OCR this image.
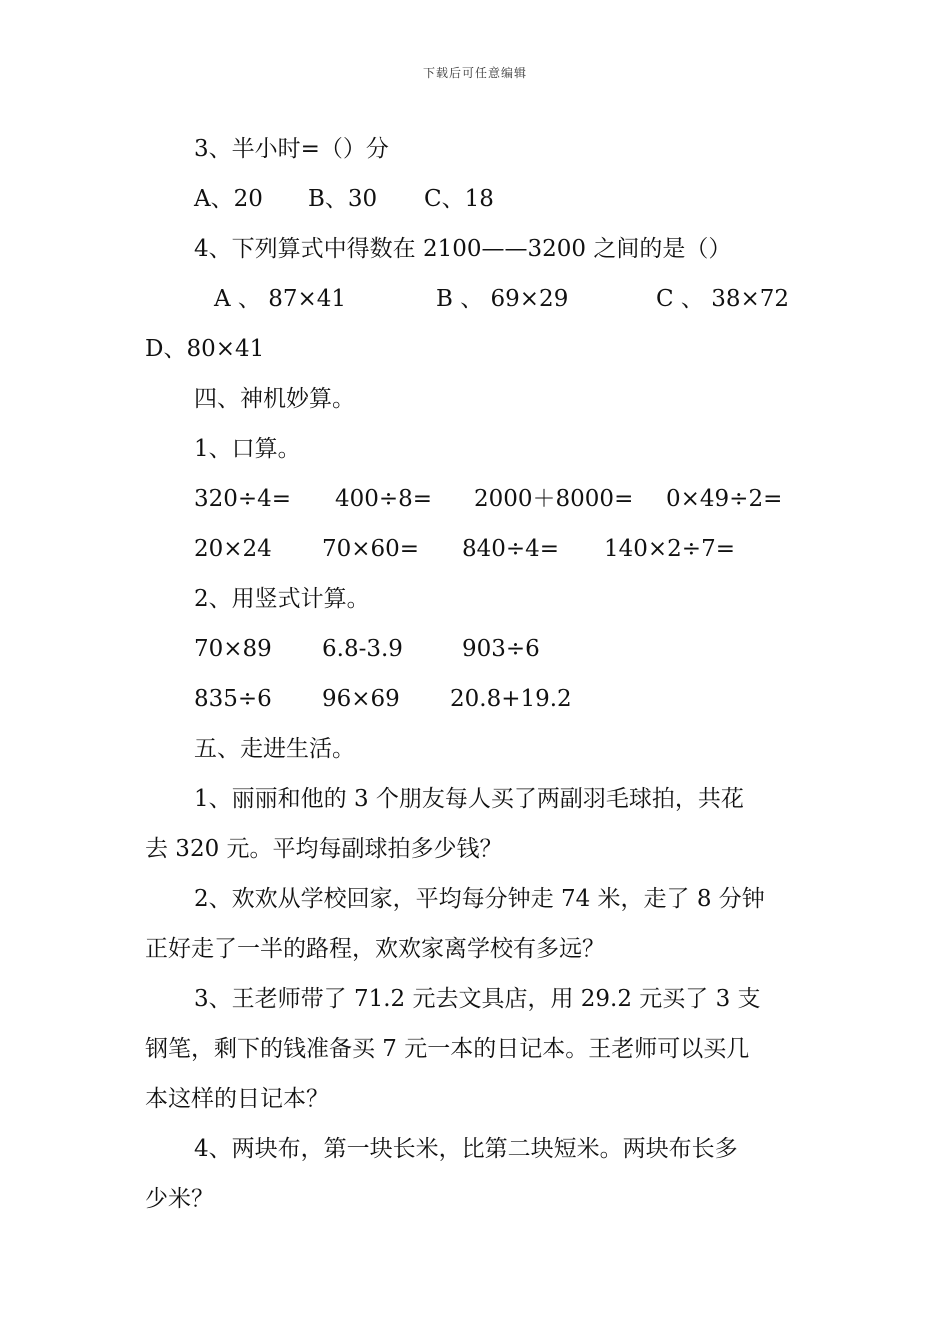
下载后可任意编辑
3、半小时=（）分
A、20 B、30 C、18
4、下列算式中得数在 2100——3200 之间的是（）
A 、 87×41	B 、 69×29	C 、 38×72
D、80×41
四、神机妙算。
1、口算。
320÷4= 400÷8= 2000＋8000= 0×49÷2=
20×24 70×60= 840÷4= 140×2÷7=
2、用竖式计算。
70×89 6.8-3.9	903÷6
835÷6 96×69 20.8+19.2
五、走进生活。
1、丽丽和他的 3 个朋友每人买了两副羽毛球拍，共花
去 320 元。平均每副球拍多少钱？
2、欢欢从学校回家，平均每分钟走 74 米，走了 8 分钟
正好走了一半的路程，欢欢家离学校有多远？
3、王老师带了 71.2 元去文具店，用 29.2 元买了 3 支
钢笔，剩下的钱准备买 7 元一本的日记本。王老师可以买几
本这样的日记本？
4、两块布，第一块长米，比第二块短米。两块布长多
少米？
